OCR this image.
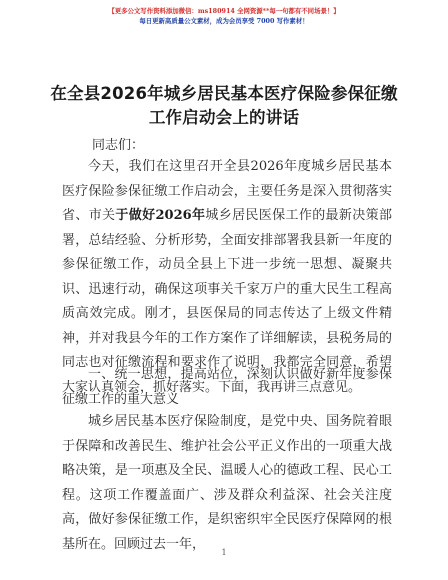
【更多公文写作资料添加微信：ms180914 全网资源**每一句都有不同场景！】
每日更新高质量公文素材，成为会员享受 7000 写作素材！
在全县2026年城乡居民基本医疗保险参保征缴
工作启动会上的讲话
同志们：

今天，我们在这里召开全县2026年度城乡居民基本医疗保险参保征缴工作启动会，主要任务是深入贯彻落实省、市关于做好2026年城乡居民医保工作的最新决策部署，总结经验、分析形势，全面安排部署我县新一年度的参保征缴工作，动员全县上下进一步统一思想、凝聚共识、迅速行动，确保这项事关千家万户的重大民生工程高质高效完成。刚才，县医保局的同志传达了上级文件精神，并对我县今年的工作方案作了详细解读，县税务局的同志也对征缴流程和要求作了说明，我都完全同意，希望大家认真领会，抓好落实。下面，我再讲三点意见。

一、统一思想，提高站位，深刻认识做好新年度参保征缴工作的重大意义

城乡居民基本医疗保险制度，是党中央、国务院着眼于保障和改善民生、维护社会公平正义作出的一项重大战略决策，是一项惠及全民、温暖人心的德政工程、民心工程。这项工作覆盖面广、涉及群众利益深、社会关注度高，做好参保征缴工作，是织密织牢全民医疗保障网的根基所在。回顾过去一年，

1
